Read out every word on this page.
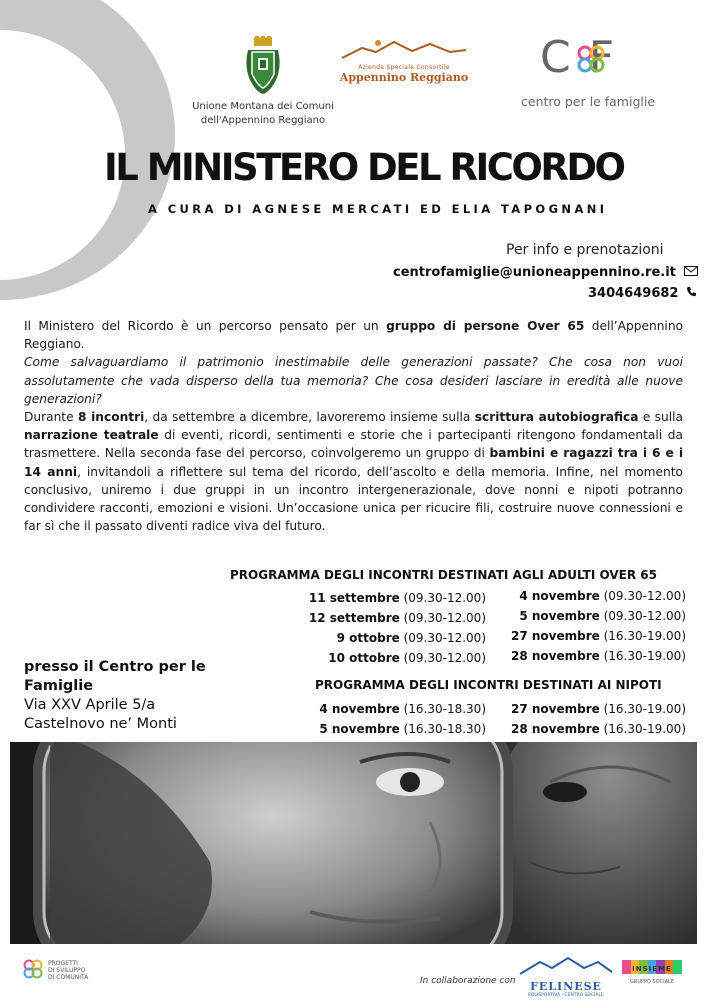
Unione Montana dei Comuni
dell'Appennino Reggiano
Azienda Speciale Consortile
Appennino Reggiano C F
centro per le famiglie
IL MINISTERO DEL RICORDO
A CURA DI AGNESE MERCATI ED ELIA TAPOGNANI
Per info e prenotazioni
centrofamiglie@unioneappennino.re.it
3404649682

Il Ministero del Ricordo è un percorso pensato per un gruppo di persone Over 65 dell’Appennino Reggiano.

Come salvaguardiamo il patrimonio inestimabile delle generazioni passate? Che cosa non vuoi assolutamente che vada disperso della tua memoria? Che cosa desideri lasciare in eredità alle nuove generazioni?

Durante 8 incontri, da settembre a dicembre, lavoreremo insieme sulla scrittura autobiografica e sulla narrazione teatrale di eventi, ricordi, sentimenti e storie che i partecipanti ritengono fondamentali da trasmettere. Nella seconda fase del percorso, coinvolgeremo un gruppo di bambini e ragazzi tra i 6 e i 14 anni, invitandoli a riflettere sul tema del ricordo, dell’ascolto e della memoria. Infine, nel momento conclusivo, uniremo i due gruppi in un incontro intergenerazionale, dove nonni e nipoti potranno condividere racconti, emozioni e visioni. Un’occasione unica per ricucire fili, costruire nuove connessioni e far sì che il passato diventi radice viva del futuro.

PROGRAMMA DEGLI INCONTRI DESTINATI AGLI ADULTI OVER 65
11 settembre (09.30-12.00)
12 settembre (09.30-12.00)
9 ottobre (09.30-12.00)
10 ottobre (09.30-12.00)
4 novembre (09.30-12.00)
5 novembre (09.30-12.00)
27 novembre (16.30-19.00)
28 novembre (16.30-19.00)
presso il Centro per le
Famiglie
Via XXV Aprile 5/a
Castelnovo ne’ Monti
PROGRAMMA DEGLI INCONTRI DESTINATI AI NIPOTI
4 novembre (16.30-18.30)
5 novembre (16.30-18.30)
27 novembre (16.30-19.00)
28 novembre (16.30-19.00)
PROGETTI
DI SVILUPPO
DI COMUNITÀ	In collaborazione con	FELINESE
POLISPORTIVA · CENTRO SOCIALE
INSIEME
GRUPPO SOCIALE
